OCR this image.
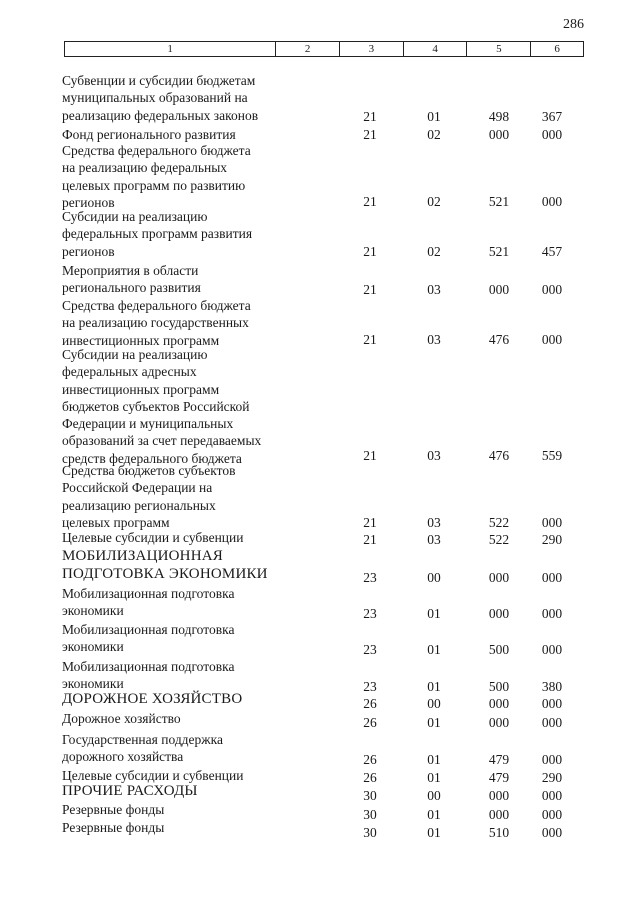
286
1	2	3	4	5	6
Субвенции и субсидии бюджетам
муниципальных образований на
реализацию федеральных законов	21	01	498	367
Фонд регионального развития	21	02	000	000
Средства федерального бюджета
на реализацию федеральных
целевых программ по развитию
регионов	21	02	521	000
Субсидии на реализацию
федеральных программ развития
регионов	21	02	521	457
Мероприятия в области
регионального развития	21	03	000	000
Средства федерального бюджета
на реализацию государственных
инвестиционных программ	21	03	476	000
Субсидии на реализацию
федеральных адресных
инвестиционных программ
бюджетов субъектов Российской
Федерации и муниципальных
образований за счет передаваемых
средств федерального бюджета	21	03	476	559
Средства бюджетов субъектов
Российской Федерации на
реализацию региональных
целевых программ	21	03	522	000
Целевые субсидии и субвенции	21	03	522	290
МОБИЛИЗАЦИОННАЯ
ПОДГОТОВКА ЭКОНОМИКИ	23	00	000	000
Мобилизационная подготовка
экономики	23	01	000	000
Мобилизационная подготовка
экономики	23	01	500	000
Мобилизационная подготовка
экономики	23	01	500	380
ДОРОЖНОЕ ХОЗЯЙСТВО	26	00	000	000
Дорожное хозяйство	26	01	000	000
Государственная поддержка
дорожного хозяйства	26	01	479	000
Целевые субсидии и субвенции	26	01	479	290
ПРОЧИЕ РАСХОДЫ	30	00	000	000
Резервные фонды	30	01	000	000
Резервные фонды	30	01	510	000
